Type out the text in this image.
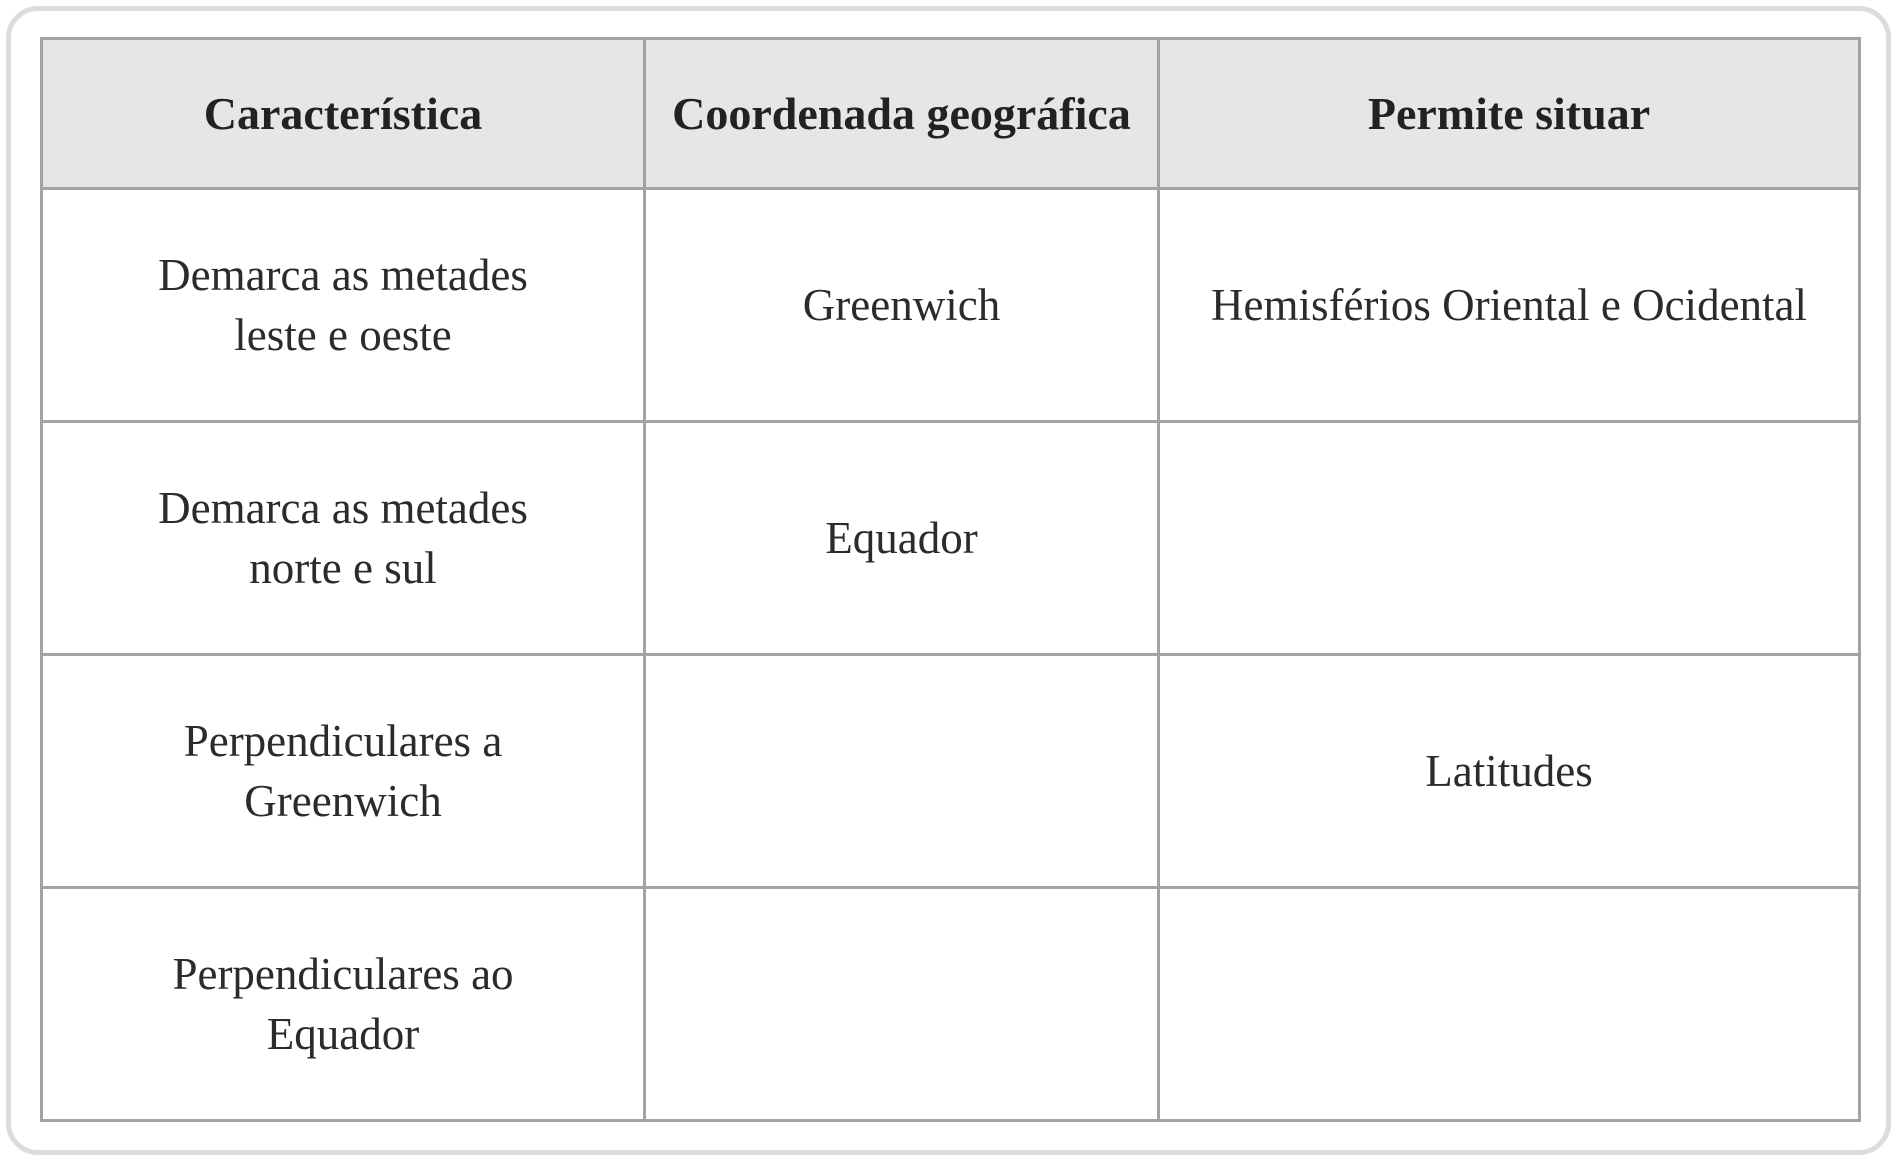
Característica	Coordenada geográfica	Permite situar
Demarca as metades leste e oeste	Greenwich	Hemisférios Oriental e Ocidental
Demarca as metades norte e sul	Equador	
Perpendiculares a Greenwich		Latitudes
Perpendiculares ao Equador		
